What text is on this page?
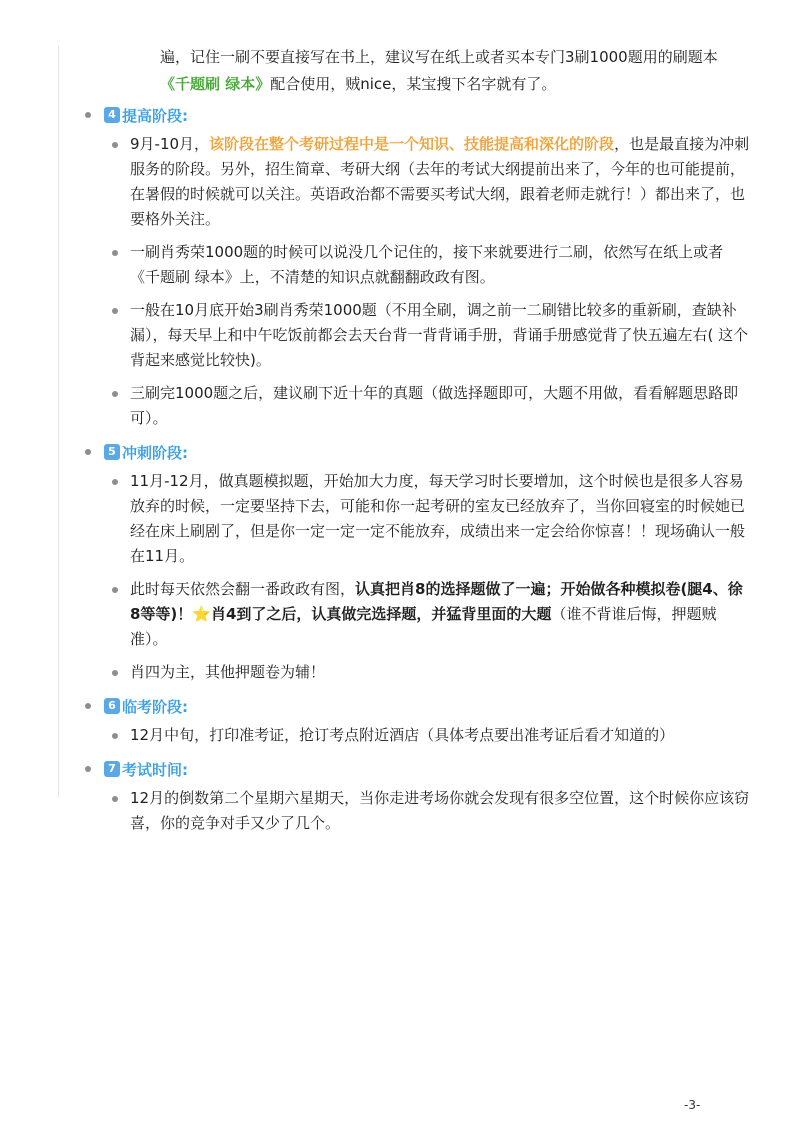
遍，记住一刷不要直接写在书上，建议写在纸上或者买本专门3刷1000题用的刷题本
《千题刷 绿本》配合使用，贼nice，某宝搜下名字就有了。
4 提高阶段:
9月-10月，该阶段在整个考研过程中是一个知识、技能提高和深化的阶段，也是最直接为冲刺服务的阶段。另外，招生简章、考研大纲（去年的考试大纲提前出来了，今年的也可能提前，在暑假的时候就可以关注。英语政治都不需要买考试大纲，跟着老师走就行！）都出来了，也要格外关注。
一刷肖秀荣1000题的时候可以说没几个记住的，接下来就要进行二刷，依然写在纸上或者《千题刷 绿本》上，不清楚的知识点就翻翻政政有图。
一般在10月底开始3刷肖秀荣1000题（不用全刷，调之前一二刷错比较多的重新刷，查缺补漏），每天早上和中午吃饭前都会去天台背一背背诵手册，背诵手册感觉背了快五遍左右( 这个背起来感觉比较快)。
三刷完1000题之后，建议刷下近十年的真题（做选择题即可，大题不用做，看看解题思路即可）。
5 冲刺阶段:
11月-12月，做真题模拟题，开始加大力度，每天学习时长要增加，这个时候也是很多人容易放弃的时候，一定要坚持下去，可能和你一起考研的室友已经放弃了，当你回寝室的时候她已经在床上刷剧了，但是你一定一定一定不能放弃，成绩出来一定会给你惊喜！！现场确认一般在11月。
此时每天依然会翻一番政政有图，认真把肖8的选择题做了一遍；开始做各种模拟卷(腿4、徐8等等)！⭐肖4到了之后，认真做完选择题，并猛背里面的大题（谁不背谁后悔，押题贼准）。
肖四为主，其他押题卷为辅！
6 临考阶段:
12月中旬，打印准考证，抢订考点附近酒店（具体考点要出准考证后看才知道的）
7 考试时间:
12月的倒数第二个星期六星期天，当你走进考场你就会发现有很多空位置，这个时候你应该窃喜，你的竞争对手又少了几个。
-3-
